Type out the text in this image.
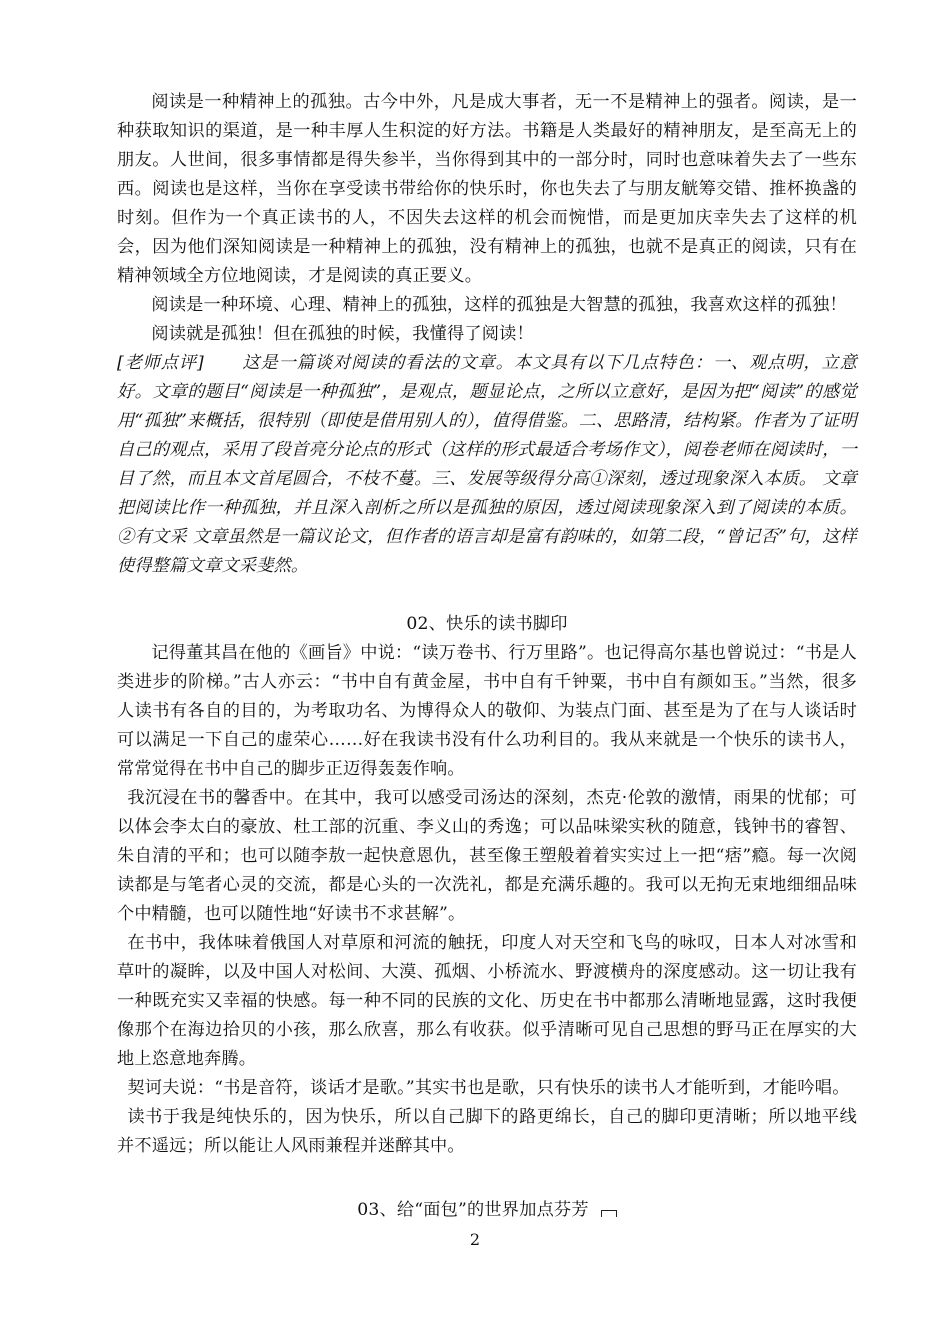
阅读是一种精神上的孤独。古今中外，凡是成大事者，无一不是精神上的强者。阅读，是一种获取知识的渠道，是一种丰厚人生积淀的好方法。书籍是人类最好的精神朋友，是至高无上的朋友。人世间，很多事情都是得失参半，当你得到其中的一部分时，同时也意味着失去了一些东西。阅读也是这样，当你在享受读书带给你的快乐时，你也失去了与朋友觥筹交错、推杯换盏的时刻。但作为一个真正读书的人，不因失去这样的机会而惋惜，而是更加庆幸失去了这样的机会，因为他们深知阅读是一种精神上的孤独，没有精神上的孤独，也就不是真正的阅读，只有在精神领域全方位地阅读，才是阅读的真正要义。

阅读是一种环境、心理、精神上的孤独，这样的孤独是大智慧的孤独，我喜欢这样的孤独！

阅读就是孤独！但在孤独的时候，我懂得了阅读！

[老师点评] 这是一篇谈对阅读的看法的文章。本文具有以下几点特色：一、观点明，立意好。文章的题目“阅读是一种孤独”，是观点，题显论点，之所以立意好，是因为把“阅读”的感觉用“孤独”来概括，很特别（即使是借用别人的），值得借鉴。二、思路清，结构紧。作者为了证明自己的观点，采用了段首亮分论点的形式（这样的形式最适合考场作文），阅卷老师在阅读时，一目了然，而且本文首尾圆合，不枝不蔓。三、发展等级得分高①深刻，透过现象深入本质。 文章把阅读比作一种孤独，并且深入剖析之所以是孤独的原因，透过阅读现象深入到了阅读的本质。②有文采 文章虽然是一篇议论文，但作者的语言却是富有韵味的，如第二段，“曾记否”句，这样使得整篇文章文采斐然。

02、快乐的读书脚印

记得董其昌在他的《画旨》中说：“读万卷书、行万里路”。也记得高尔基也曾说过：“书是人类进步的阶梯。”古人亦云：“书中自有黄金屋，书中自有千钟粟，书中自有颜如玉。”当然，很多人读书有各自的目的，为考取功名、为博得众人的敬仰、为装点门面、甚至是为了在与人谈话时可以满足一下自己的虚荣心……好在我读书没有什么功利目的。我从来就是一个快乐的读书人，常常觉得在书中自己的脚步正迈得轰轰作响。

我沉浸在书的馨香中。在其中，我可以感受司汤达的深刻，杰克·伦敦的激情，雨果的忧郁；可以体会李太白的豪放、杜工部的沉重、李义山的秀逸；可以品味梁实秋的随意，钱钟书的睿智、朱自清的平和；也可以随李敖一起快意恩仇，甚至像王塑般着着实实过上一把“痞”瘾。每一次阅读都是与笔者心灵的交流，都是心头的一次洗礼，都是充满乐趣的。我可以无拘无束地细细品味个中精髓，也可以随性地“好读书不求甚解”。

在书中，我体味着俄国人对草原和河流的触抚，印度人对天空和飞鸟的咏叹，日本人对冰雪和草叶的凝眸，以及中国人对松间、大漠、孤烟、小桥流水、野渡横舟的深度感动。这一切让我有一种既充实又幸福的快感。每一种不同的民族的文化、历史在书中都那么清晰地显露，这时我便像那个在海边拾贝的小孩，那么欣喜，那么有收获。似乎清晰可见自己思想的野马正在厚实的大地上恣意地奔腾。

契诃夫说：“书是音符，谈话才是歌。”其实书也是歌，只有快乐的读书人才能听到，才能吟唱。

读书于我是纯快乐的，因为快乐，所以自己脚下的路更绵长，自己的脚印更清晰；所以地平线并不遥远；所以能让人风雨兼程并迷醉其中。

03、给“面包”的世界加点芬芳

2
